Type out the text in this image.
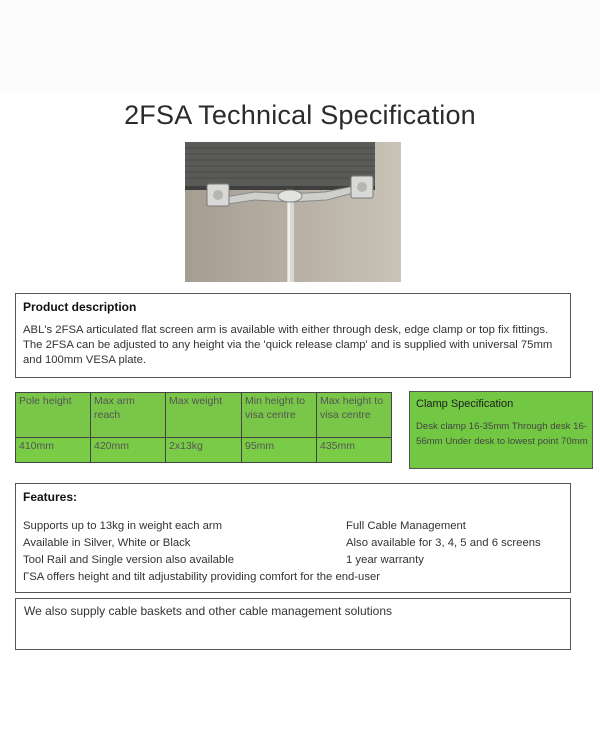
2FSA Technical Specification
Product description

ABL's 2FSA articulated flat screen arm is available with either through desk, edge clamp or top fix fittings. The 2FSA can be adjusted to any height via the 'quick release clamp' and is supplied with universal 75mm and 100mm VESA plate.

Pole height	Max arm reach	Max weight	Min height to visa centre	Max height to visa centre
410mm	420mm	2x13kg	95mm	435mm
Clamp Specification
Desk clamp 16-35mm Through desk 16-56mm Under desk to lowest point 70mm
Features:
Supports up to 13kg in weight each arm	Full Cable Management
Available in Silver, White or Black	Also available for 3, 4, 5 and 6 screens
Tool Rail and Single version also available	1 year warranty
ΓSA offers height and tilt adjustability providing comfort for the end-user

We also supply cable baskets and other cable management solutions
